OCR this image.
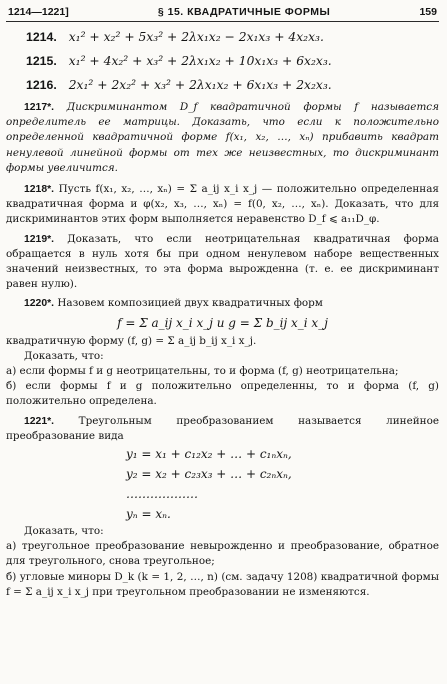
1214—1221]	§ 15. КВАДРАТИЧНЫЕ ФОРМЫ	159
1214. x₁² + x₂² + 5x₃² + 2λx₁x₂ − 2x₁x₃ + 4x₂x₃.
1215. x₁² + 4x₂² + x₃² + 2λx₁x₂ + 10x₁x₃ + 6x₂x₃.
1216. 2x₁² + 2x₂² + x₃² + 2λx₁x₂ + 6x₁x₃ + 2x₂x₃.

1217*. Дискриминантом D_f квадратичной формы f называется определитель ее матрицы. Доказать, что если к положительно определенной квадратичной форме f(x₁, x₂, …, xₙ) прибавить квадрат ненулевой линейной формы от тех же неизвестных, то дискриминант формы увеличится.

1218*. Пусть f(x₁, x₂, …, xₙ) = Σ a_ij x_i x_j — положительно определенная квадратичная форма и φ(x₂, x₃, …, xₙ) = f(0, x₂, …, xₙ). Доказать, что для дискриминантов этих форм выполняется неравенство D_f ⩽ a₁₁D_φ.

1219*. Доказать, что если неотрицательная квадратичная форма обращается в нуль хотя бы при одном ненулевом наборе вещественных значений неизвестных, то эта форма вырожденна (т. е. ее дискриминант равен нулю).

1220*. Назовем композицией двух квадратичных форм

f = Σ a_ij x_i x_j и g = Σ b_ij x_i x_j

квадратичную форму (f, g) = Σ a_ij b_ij x_i x_j.

Доказать, что:

а) если формы f и g неотрицательны, то и форма (f, g) неотрицательна;

б) если формы f и g положительно определенны, то и форма (f, g) положительно определена.

1221*. Треугольным преобразованием называется линейное преобразование вида

y₁ = x₁ + c₁₂x₂ + … + c₁ₙxₙ,
y₂ = x₂ + c₂₃x₃ + … + c₂ₙxₙ,
………………
yₙ = xₙ.

Доказать, что:

а) треугольное преобразование невырожденно и преобразование, обратное для треугольного, снова треугольное;

б) угловые миноры D_k (k = 1, 2, …, n) (см. задачу 1208) квадратичной формы f = Σ a_ij x_i x_j при треугольном преобразовании не изменяются.
